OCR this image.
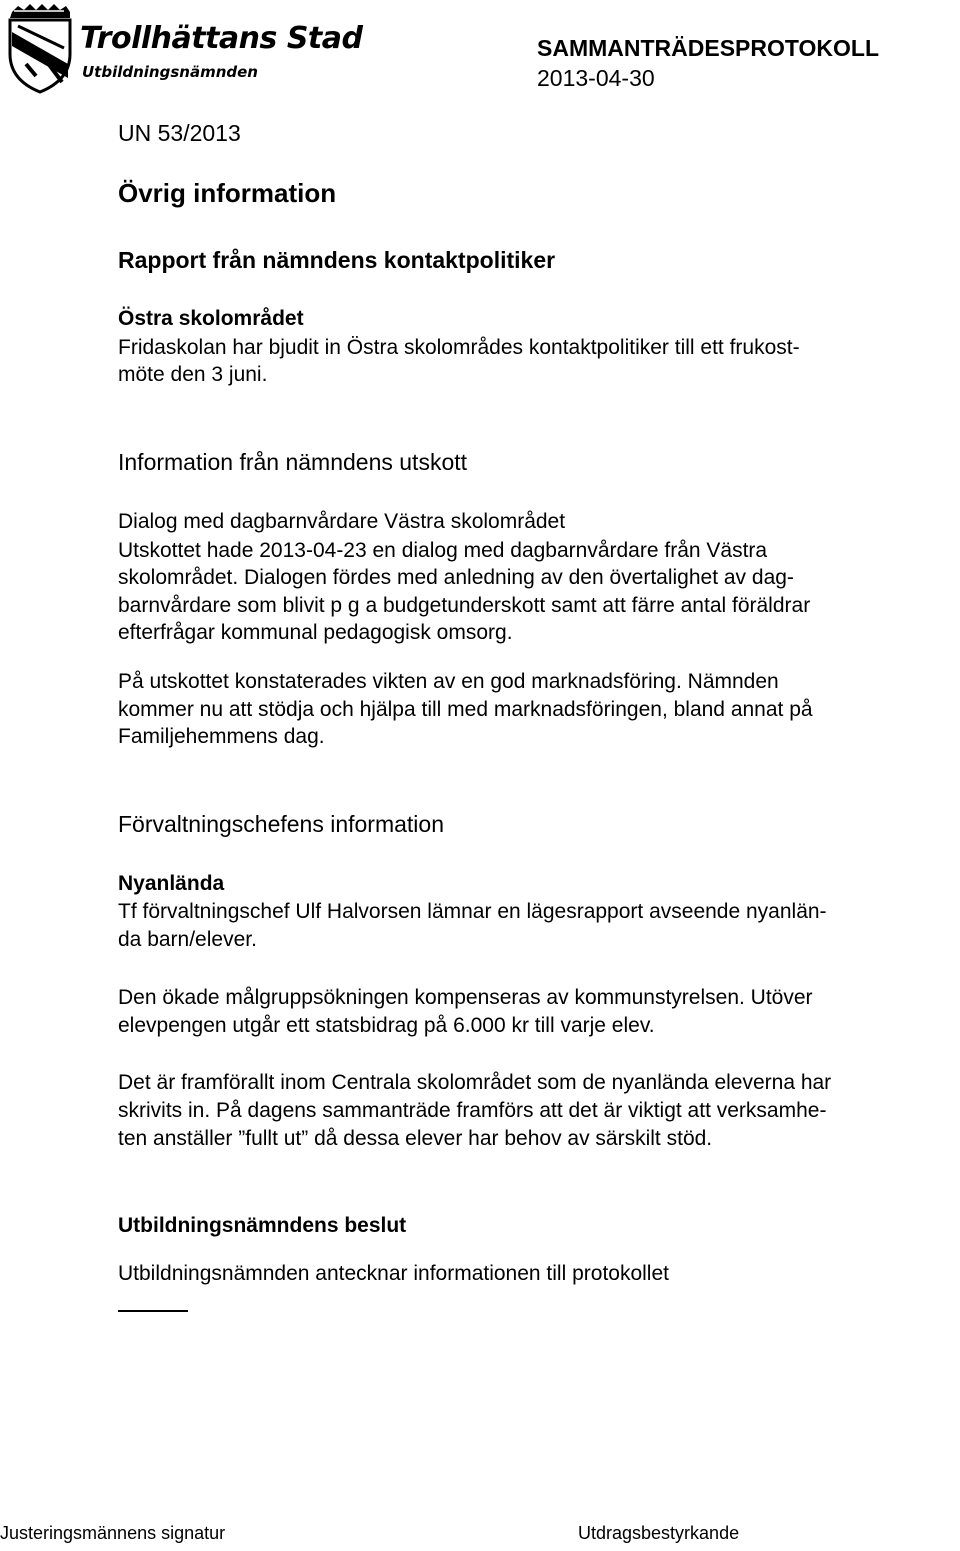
Trollhättans Stad
Utbildningsnämnden
SAMMANTRÄDESPROTOKOLL
2013-04-30
UN 53/2013
Övrig information
Rapport från nämndens kontaktpolitiker
Östra skolområdet
Fridaskolan har bjudit in Östra skolområdes kontaktpolitiker till ett frukost-
möte den 3 juni.
Information från nämndens utskott
Dialog med dagbarnvårdare Västra skolområdet
Utskottet hade 2013-04-23 en dialog med dagbarnvårdare från Västra
skolområdet. Dialogen fördes med anledning av den övertalighet av dag-
barnvårdare som blivit p g a budgetunderskott samt att färre antal föräldrar
efterfrågar kommunal pedagogisk omsorg.
På utskottet konstaterades vikten av en god marknadsföring. Nämnden
kommer nu att stödja och hjälpa till med marknadsföringen, bland annat på
Familjehemmens dag.
Förvaltningschefens information
Nyanlända
Tf förvaltningschef Ulf Halvorsen lämnar en lägesrapport avseende nyanlän-
da barn/elever.
Den ökade målgruppsökningen kompenseras av kommunstyrelsen. Utöver
elevpengen utgår ett statsbidrag på 6.000 kr till varje elev.
Det är framförallt inom Centrala skolområdet som de nyanlända eleverna har
skrivits in. På dagens sammanträde framförs att det är viktigt att verksamhe-
ten anställer ”fullt ut” då dessa elever har behov av särskilt stöd.
Utbildningsnämndens beslut
Utbildningsnämnden antecknar informationen till protokollet
Justeringsmännens signatur	Utdragsbestyrkande
